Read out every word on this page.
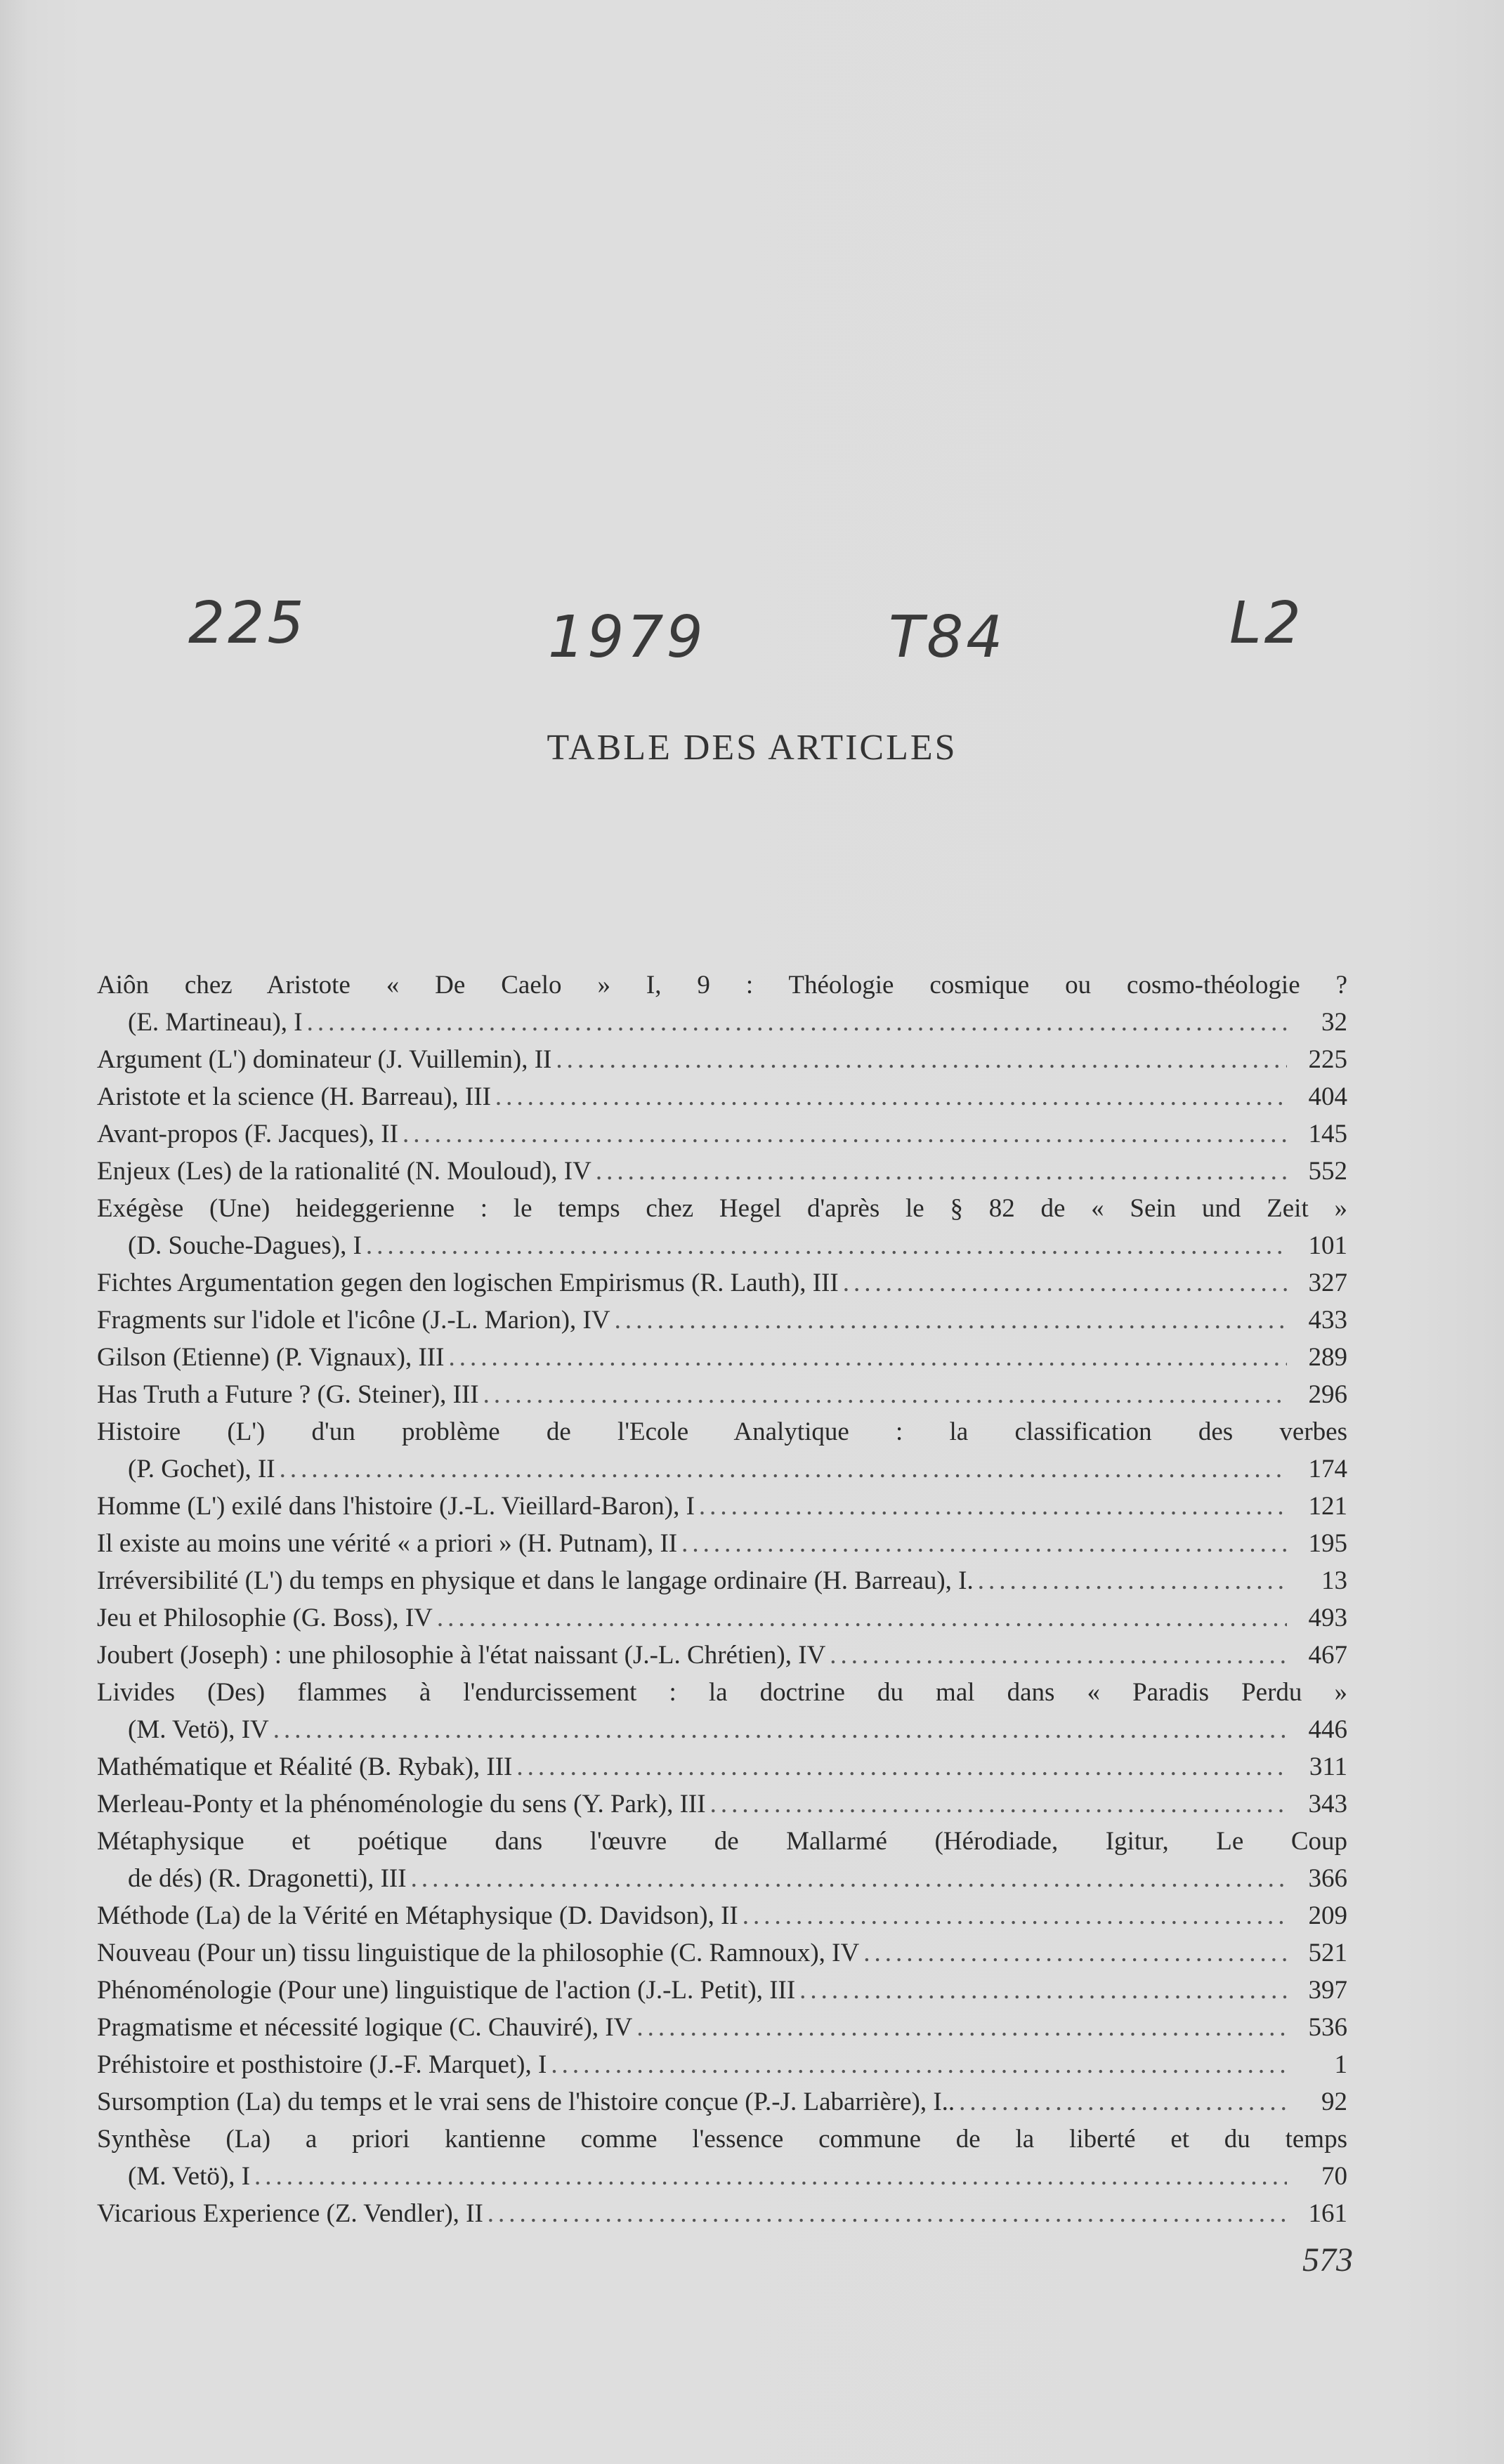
225	1979	T84	L2
TABLE DES ARTICLES
Aiôn chez Aristote « De Caelo » I, 9 : Théologie cosmique ou cosmo-théologie ?
(E. Martineau), I .....	32
Argument (L') dominateur (J. Vuillemin), II .....	225
Aristote et la science (H. Barreau), III .....	404
Avant-propos (F. Jacques), II .....	145
Enjeux (Les) de la rationalité (N. Mouloud), IV .....	552
Exégèse (Une) heideggerienne : le temps chez Hegel d'après le § 82 de « Sein und Zeit »
(D. Souche-Dagues), I .....	101
Fichtes Argumentation gegen den logischen Empirismus (R. Lauth), III .....	327
Fragments sur l'idole et l'icône (J.-L. Marion), IV .....	433
Gilson (Etienne) (P. Vignaux), III .....	289
Has Truth a Future ? (G. Steiner), III .....	296
Histoire (L') d'un problème de l'Ecole Analytique : la classification des verbes
(P. Gochet), II .....	174
Homme (L') exilé dans l'histoire (J.-L. Vieillard-Baron), I .....	121
Il existe au moins une vérité « a priori » (H. Putnam), II .....	195
Irréversibilité (L') du temps en physique et dans le langage ordinaire (H. Barreau), I. .....	13
Jeu et Philosophie (G. Boss), IV .....	493
Joubert (Joseph) : une philosophie à l'état naissant (J.-L. Chrétien), IV .....	467
Livides (Des) flammes à l'endurcissement : la doctrine du mal dans « Paradis Perdu »
(M. Vetö), IV .....	446
Mathématique et Réalité (B. Rybak), III .....	311
Merleau-Ponty et la phénoménologie du sens (Y. Park), III .....	343
Métaphysique et poétique dans l'œuvre de Mallarmé (Hérodiade, Igitur, Le Coup
de dés) (R. Dragonetti), III .....	366
Méthode (La) de la Vérité en Métaphysique (D. Davidson), II .....	209
Nouveau (Pour un) tissu linguistique de la philosophie (C. Ramnoux), IV .....	521
Phénoménologie (Pour une) linguistique de l'action (J.-L. Petit), III .....	397
Pragmatisme et nécessité logique (C. Chauviré), IV .....	536
Préhistoire et posthistoire (J.-F. Marquet), I .....	1
Sursomption (La) du temps et le vrai sens de l'histoire conçue (P.-J. Labarrière), I.. .....	92
Synthèse (La) a priori kantienne comme l'essence commune de la liberté et du temps
(M. Vetö), I .....	70
Vicarious Experience (Z. Vendler), II .....	161
573
